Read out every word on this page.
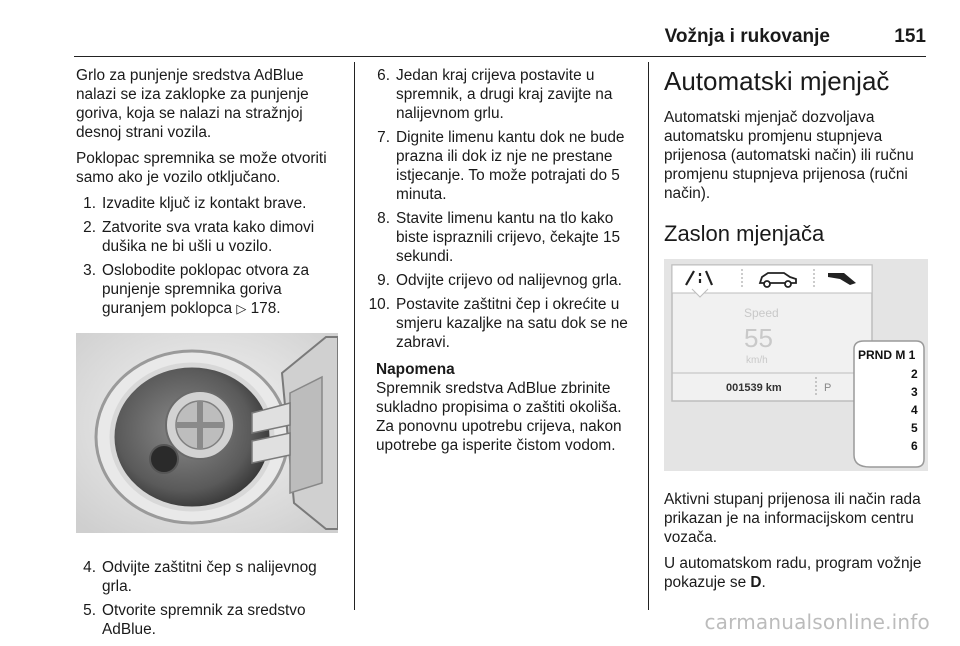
Vožnja i rukovanje	151

Grlo za punjenje sredstva AdBlue nalazi se iza zaklopke za punjenje goriva, koja se nalazi na stražnjoj desnoj strani vozila.

Poklopac spremnika se može otvoriti samo ako je vozilo otključano.

1. Izvadite ključ iz kontakt brave.
2. Zatvorite sva vrata kako dimovi dušika ne bi ušli u vozilo.
3. Oslobodite poklopac otvora za punjenje spremnika goriva guranjem poklopca ▷ 178.
4. Odvijte zaštitni čep s nalijevnog grla.
5. Otvorite spremnik za sredstvo AdBlue.
6. Jedan kraj crijeva postavite u spremnik, a drugi kraj zavijte na nalijevnom grlu.
7. Dignite limenu kantu dok ne bude prazna ili dok iz nje ne prestane istjecanje. To može potrajati do 5 minuta.
8. Stavite limenu kantu na tlo kako biste ispraznili crijevo, čekajte 15 sekundi.
9. Odvijte crijevo od nalijevnog grla.
10. Postavite zaštitni čep i okrećite u smjeru kazaljke na satu dok se ne zabravi.
Napomena
Spremnik sredstva AdBlue zbrinite sukladno propisima o zaštiti okoliša. Za ponovnu upotrebu crijeva, nakon upotrebe ga isperite čistom vodom.
Automatski mjenjač

Automatski mjenjač dozvoljava automatsku promjenu stupnjeva prijenosa (automatski način) ili ručnu promjenu stupnjeva prijenosa (ručni način).

Zaslon mjenjača
Speed
55
km/h
001539 km	P
PRND M 1
2
3
4
5
6

Aktivni stupanj prijenosa ili način rada prikazan je na informacijskom centru vozača.

U automatskom radu, program vožnje pokazuje se D.

carmanualsonline.info
